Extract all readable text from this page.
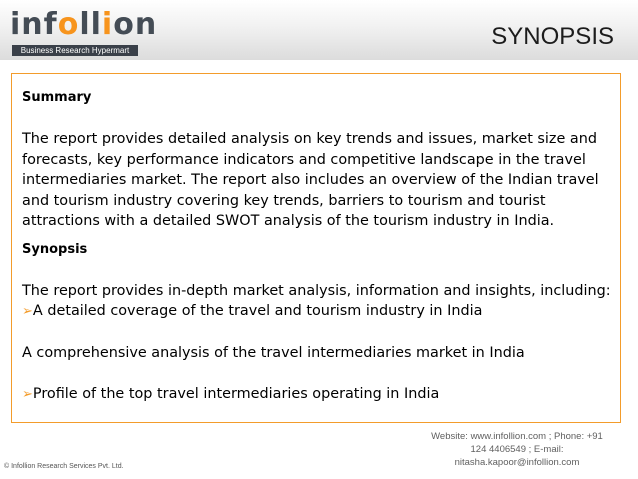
infollion
Business Research Hypermart
SYNOPSIS

Summary

The report provides detailed analysis on key trends and issues, market size and

forecasts, key performance indicators and competitive landscape in the travel

intermediaries market. The report also includes an overview of the Indian travel

and tourism industry covering key trends, barriers to tourism and tourist

attractions with a detailed SWOT analysis of the tourism industry in India.

Synopsis

The report provides in-depth market analysis, information and insights, including:

➢A detailed coverage of the travel and tourism industry in India

A comprehensive analysis of the travel intermediaries market in India

➢Profile of the top travel intermediaries operating in India

Website: www.infollion.com ; Phone: +91
124 4406549 ; E-mail:
nitasha.kapoor@infollion.com
© Infollion Research Services Pvt. Ltd.
